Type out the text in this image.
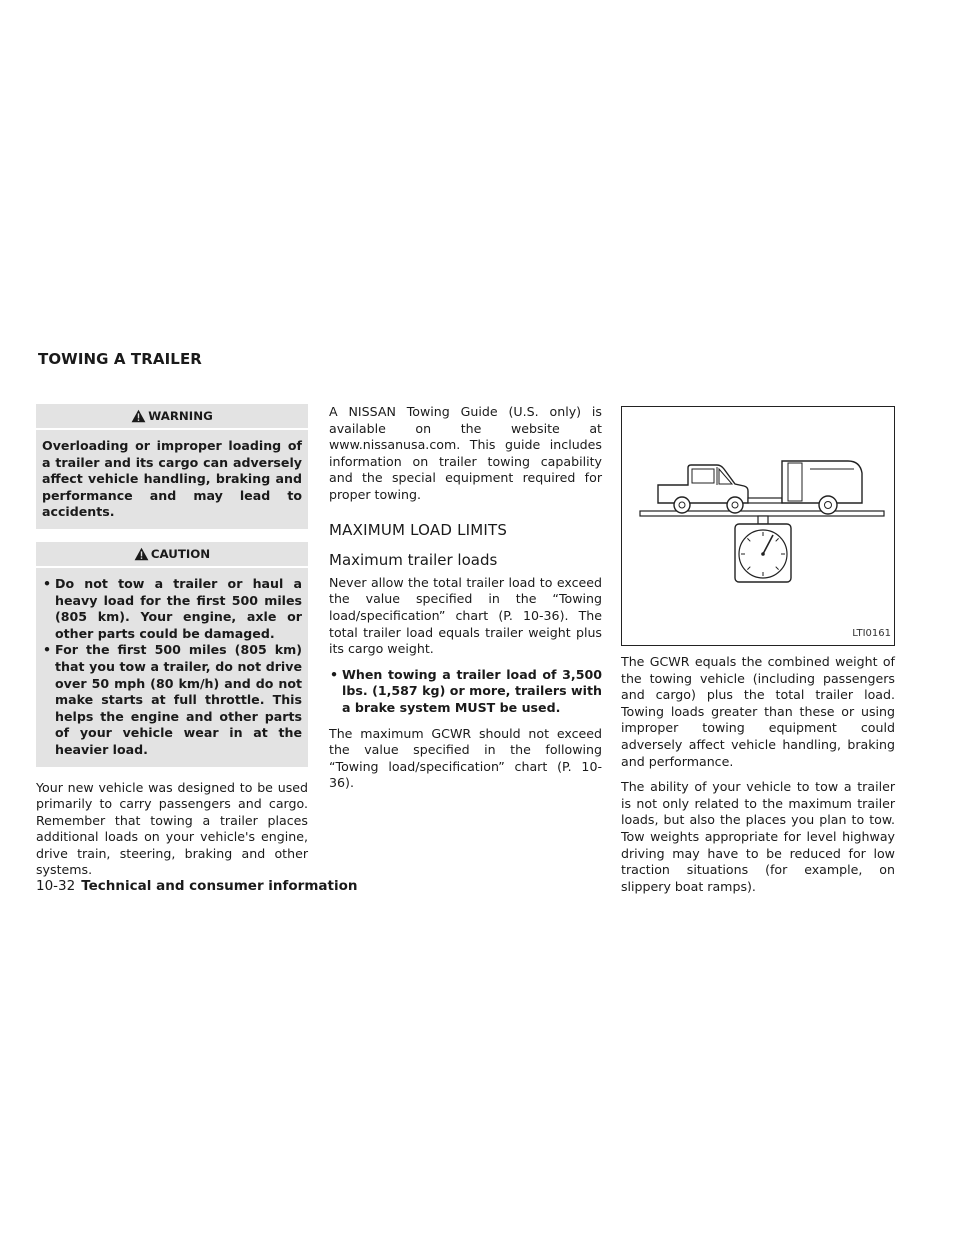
TOWING A TRAILER
WARNING
Overloading or improper loading of a trailer and its cargo can adversely affect vehicle handling, braking and performance and may lead to accidents.
CAUTION
• Do not tow a trailer or haul a heavy load for the first 500 miles (805 km). Your engine, axle or other parts could be damaged.
• For the first 500 miles (805 km) that you tow a trailer, do not drive over 50 mph (80 km/h) and do not make starts at full throttle. This helps the engine and other parts of your vehicle wear in at the heavier load.

Your new vehicle was designed to be used primarily to carry passengers and cargo. Remember that towing a trailer places additional loads on your vehicle's engine, drive train, steering, braking and other systems.

A NISSAN Towing Guide (U.S. only) is available on the website at www.nissanusa.com. This guide includes information on trailer towing capability and the special equipment required for proper towing.

MAXIMUM LOAD LIMITS
Maximum trailer loads

Never allow the total trailer load to exceed the value specified in the “Towing load/specification” chart (P. 10-36). The total trailer load equals trailer weight plus its cargo weight.

• When towing a trailer load of 3,500 lbs. (1,587 kg) or more, trailers with a brake system MUST be used.

The maximum GCWR should not exceed the value specified in the following “Towing load/specification” chart (P. 10-36).

LTI0161

The GCWR equals the combined weight of the towing vehicle (including passengers and cargo) plus the total trailer load. Towing loads greater than these or using improper towing equipment could adversely affect vehicle handling, braking and performance.

The ability of your vehicle to tow a trailer is not only related to the maximum trailer loads, but also the places you plan to tow. Tow weights appropriate for level highway driving may have to be reduced for low traction situations (for example, on slippery boat ramps).

10-32 Technical and consumer information
